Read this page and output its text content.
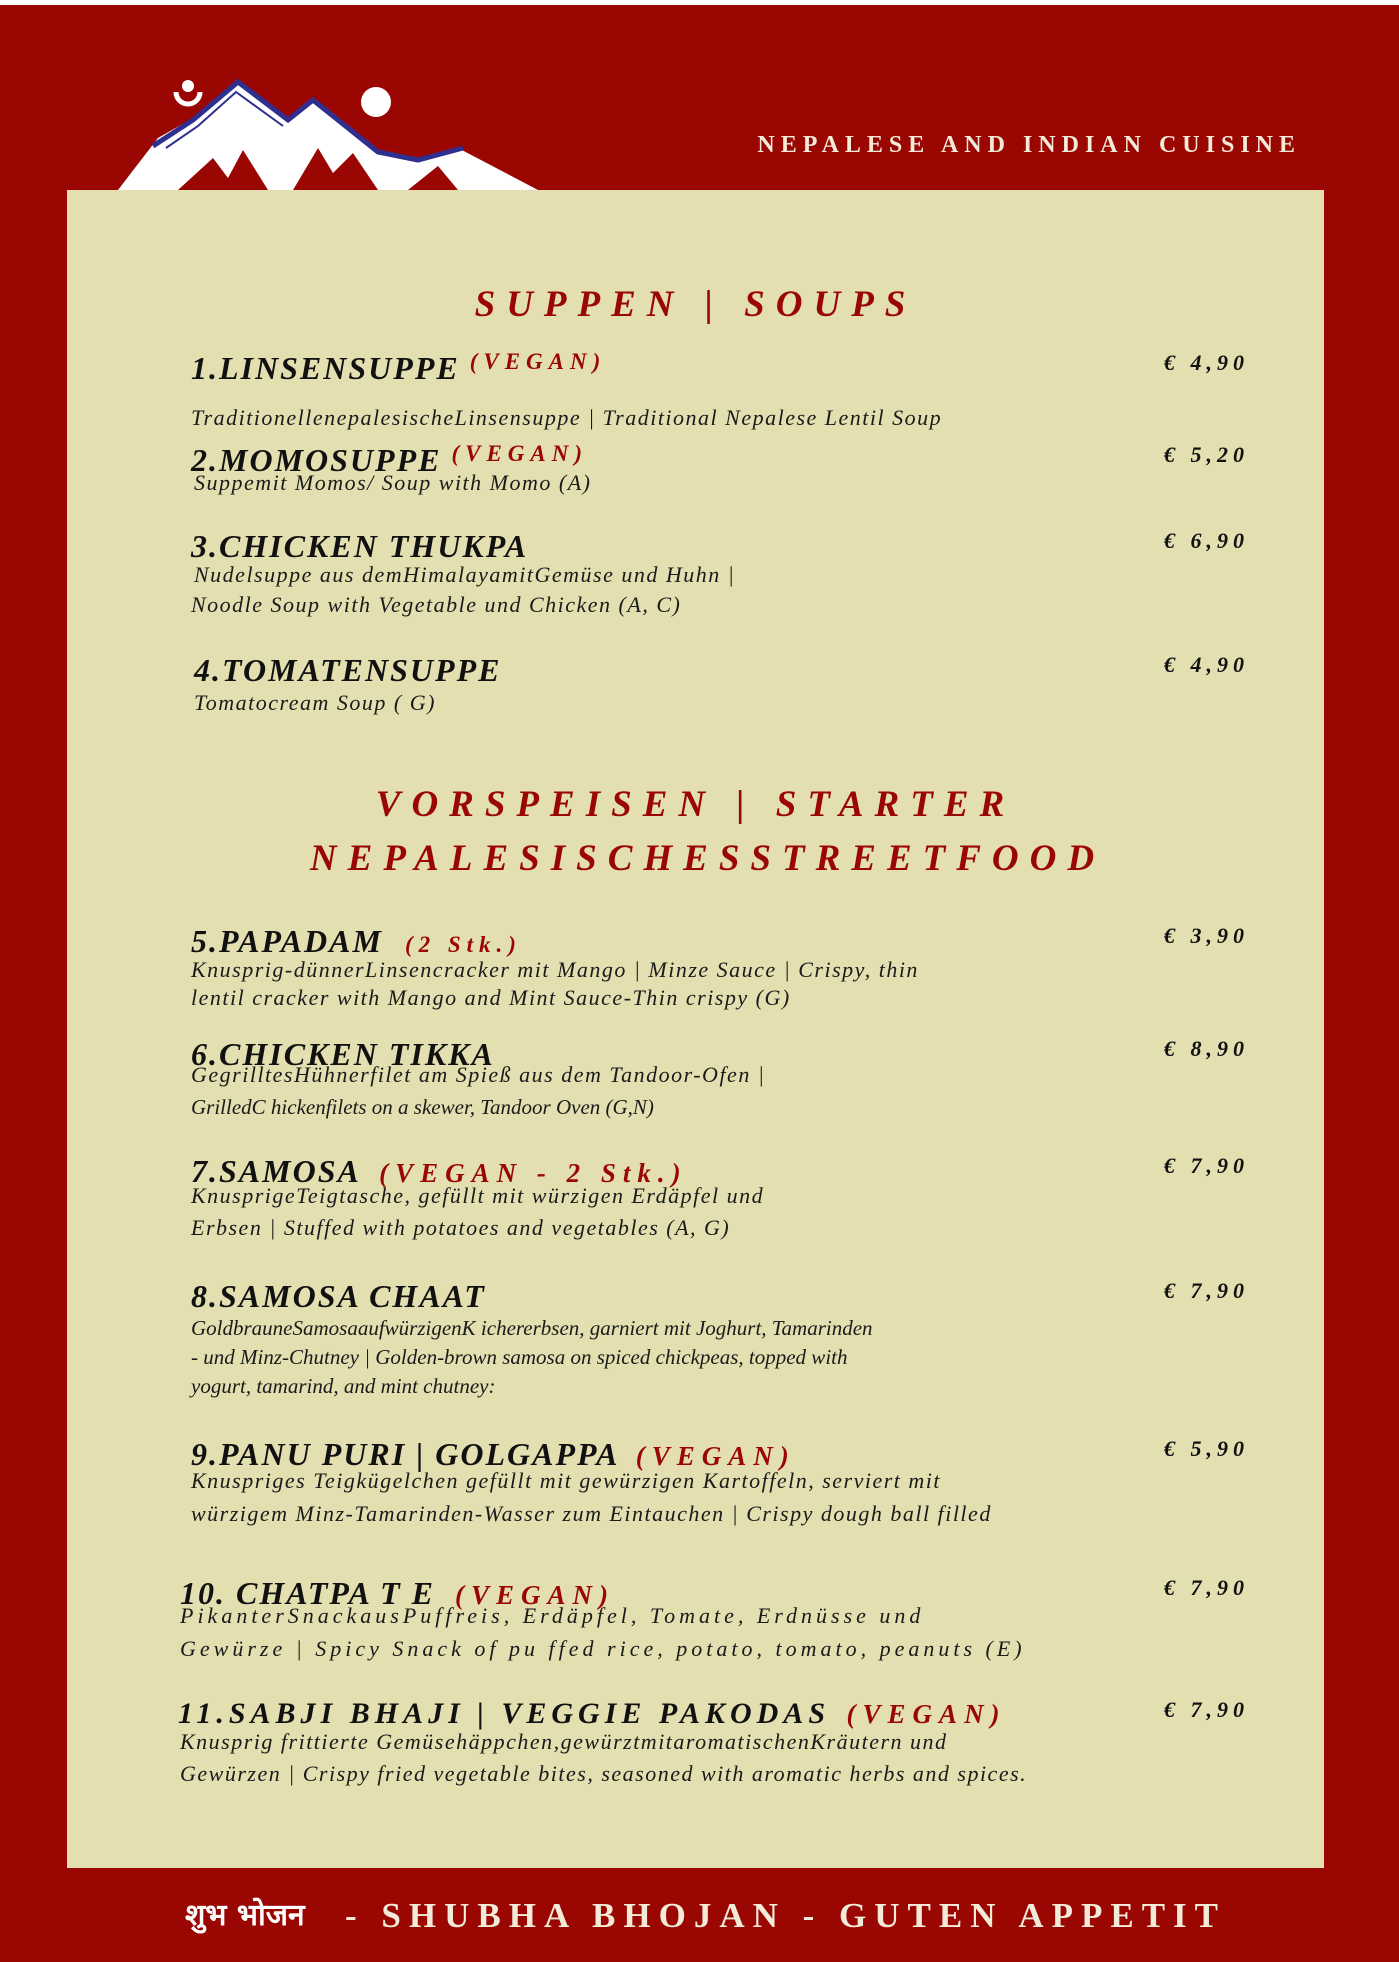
NEPALESE AND INDIAN CUISINE
SUPPEN | SOUPS
1.LINSENSUPPE $^{(VEGAN)}$	€ 4,90
TraditionellenepalesischeLinsensuppe | Traditional Nepalese Lentil Soup
2.MOMOSUPPE $^{(VEGAN)}$	€ 5,20
Suppemit Momos/ Soup with Momo (A)
3.CHICKEN THUKPA	€ 6,90
Nudelsuppe aus demHimalayamitGemüse und Huhn |
Noodle Soup with Vegetable und Chicken (A, C)
4.TOMATENSUPPE	€ 4,90
Tomatocream Soup ( G)
VORSPEISEN | STARTER
NEPALESISCHESSTREETFOOD
5.PAPADAM (2 Stk.)	€ 3,90
Knusprig-dünnerLinsencracker mit Mango | Minze Sauce | Crispy, thin
lentil cracker with Mango and Mint Sauce-Thin crispy (G)
6.CHICKEN TIKKA	€ 8,90
GegrilltesHühnerfilet am Spieß aus dem Tandoor-Ofen |
GrilledC hickenfilets on a skewer, Tandoor Oven (G,N)
7.SAMOSA (VEGAN - 2 Stk.)	€ 7,90
KnusprigeTeigtasche, gefüllt mit würzigen Erdäpfel und
Erbsen | Stuffed with potatoes and vegetables (A, G)
8.SAMOSA CHAAT	€ 7,90
GoldbrauneSamosaaufwürzigenK ichererbsen, garniert mit Joghurt, Tamarinden
- und Minz-Chutney | Golden-brown samosa on spiced chickpeas, topped with
yogurt, tamarind, and mint chutney:
9.PANU PURI | GOLGAPPA (VEGAN)	€ 5,90
Knuspriges Teigkügelchen gefüllt mit gewürzigen Kartoffeln, serviert mit
würzigem Minz-Tamarinden-Wasser zum Eintauchen | Crispy dough ball filled
10. CHATPA T E (VEGAN)	€ 7,90
PikanterSnackausPuffreis, Erdäpfel, Tomate, Erdnüsse und
Gewürze | Spicy Snack of pu ffed rice, potato, tomato, peanuts (E)
11.SABJI BHAJI | VEGGIE PAKODAS (VEGAN)	€ 7,90
Knusprig frittierte Gemüsehäppchen,gewürztmitaromatischenKräutern und
Gewürzen | Crispy fried vegetable bites, seasoned with aromatic herbs and spices.
शुभ भोजन - SHUBHA BHOJAN - GUTEN APPETIT
